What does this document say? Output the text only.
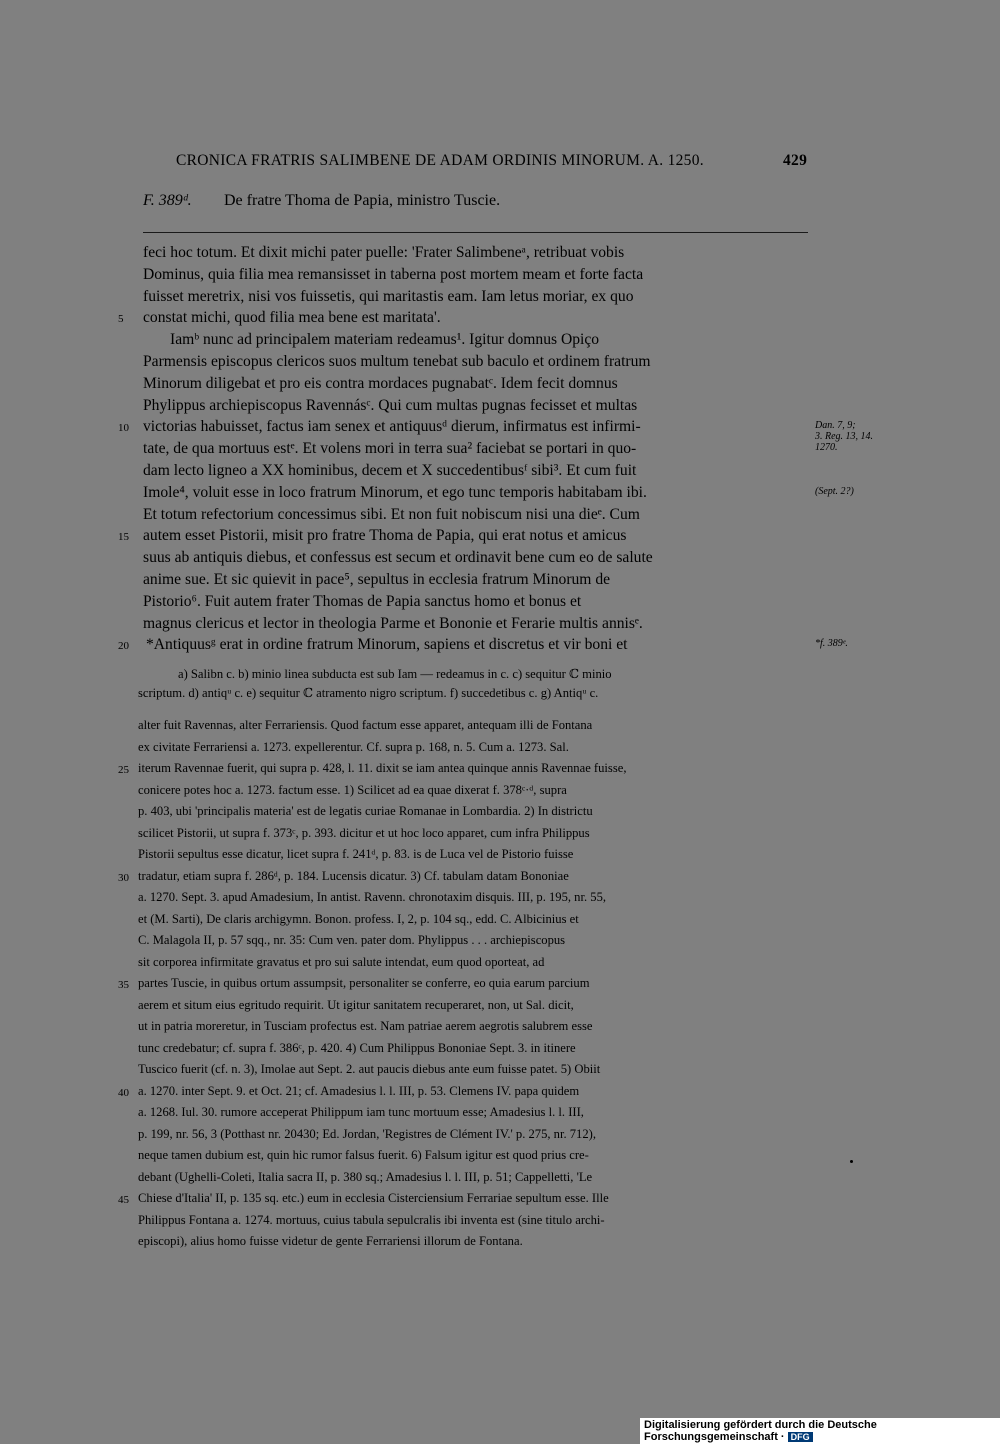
CRONICA FRATRIS SALIMBENE DE ADAM ORDINIS MINORUM. A. 1250.	429
F. 389ᵈ. De fratre Thoma de Papia, ministro Tuscie.
feci hoc totum. Et dixit michi pater puelle: 'Frater Salimbeneᵃ, retribuat vobis
Dominus, quia filia mea remansisset in taberna post mortem meam et forte facta
fuisset meretrix, nisi vos fuissetis, qui maritastis eam. Iam letus moriar, ex quo
constat michi, quod filia mea bene est maritata'.
Iamᵇ nunc ad principalem materiam redeamus¹. Igitur domnus Opiço
Parmensis episcopus clericos suos multum tenebat sub baculo et ordinem fratrum
Minorum diligebat et pro eis contra mordaces pugnabatᶜ. Idem fecit domnus
Phylippus archiepiscopus Ravennásᶜ. Qui cum multas pugnas fecisset et multas
victorias habuisset, factus iam senex et antiquusᵈ dierum, infirmatus est infirmi-
tate, de qua mortuus estᵉ. Et volens mori in terra sua² faciebat se portari in quo-
dam lecto ligneo a XX hominibus, decem et X succedentibusᶠ sibi³. Et cum fuit
Imole⁴, voluit esse in loco fratrum Minorum, et ego tunc temporis habitabam ibi.
Et totum refectorium concessimus sibi. Et non fuit nobiscum nisi una dieᵉ. Cum
autem esset Pistorii, misit pro fratre Thoma de Papia, qui erat notus et amicus
suus ab antiquis diebus, et confessus est secum et ordinavit bene cum eo de salute
anime sue. Et sic quievit in pace⁵, sepultus in ecclesia fratrum Minorum de
Pistorio⁶. Fuit autem frater Thomas de Papia sanctus homo et bonus et
magnus clericus et lector in theologia Parme et Bononie et Ferarie multis annisᵉ.
*Antiquusᵍ erat in ordine fratrum Minorum, sapiens et discretus et vir boni et
5
10
15
20
Dan. 7, 9;
3. Reg. 13, 14.
1270.
(Sept. 2?)
*f. 389ᵉ.
a) Salibn c. b) minio linea subducta est sub Iam — redeamus in c. c) sequitur ℂ minio
scriptum. d) antiqᵘ c. e) sequitur ℂ atramento nigro scriptum. f) succedetibus c. g) Antiqᵘ c.
alter fuit Ravennas, alter Ferrariensis. Quod factum esse apparet, antequam illi de Fontana
ex civitate Ferrariensi a. 1273. expellerentur. Cf. supra p. 168, n. 5. Cum a. 1273. Sal.
iterum Ravennae fuerit, qui supra p. 428, l. 11. dixit se iam antea quinque annis Ravennae fuisse,
conicere potes hoc a. 1273. factum esse. 1) Scilicet ad ea quae dixerat f. 378ᶜ·ᵈ, supra
p. 403, ubi 'principalis materia' est de legatis curiae Romanae in Lombardia. 2) In districtu
scilicet Pistorii, ut supra f. 373ᶜ, p. 393. dicitur et ut hoc loco apparet, cum infra Philippus
Pistorii sepultus esse dicatur, licet supra f. 241ᵈ, p. 83. is de Luca vel de Pistorio fuisse
tradatur, etiam supra f. 286ᵈ, p. 184. Lucensis dicatur. 3) Cf. tabulam datam Bononiae
a. 1270. Sept. 3. apud Amadesium, In antist. Ravenn. chronotaxim disquis. III, p. 195, nr. 55,
et (M. Sarti), De claris archigymn. Bonon. profess. I, 2, p. 104 sq., edd. C. Albicinius et
C. Malagola II, p. 57 sqq., nr. 35: Cum ven. pater dom. Phylippus . . . archiepiscopus
sit corporea infirmitate gravatus et pro sui salute intendat, eum quod oporteat, ad
partes Tuscie, in quibus ortum assumpsit, personaliter se conferre, eo quia earum parcium
aerem et situm eius egritudo requirit. Ut igitur sanitatem recuperaret, non, ut Sal. dicit,
ut in patria moreretur, in Tusciam profectus est. Nam patriae aerem aegrotis salubrem esse
tunc credebatur; cf. supra f. 386ᶜ, p. 420. 4) Cum Philippus Bononiae Sept. 3. in itinere
Tuscico fuerit (cf. n. 3), Imolae aut Sept. 2. aut paucis diebus ante eum fuisse patet. 5) Obiit
a. 1270. inter Sept. 9. et Oct. 21; cf. Amadesius l. l. III, p. 53. Clemens IV. papa quidem
a. 1268. Iul. 30. rumore acceperat Philippum iam tunc mortuum esse; Amadesius l. l. III,
p. 199, nr. 56, 3 (Potthast nr. 20430; Ed. Jordan, 'Registres de Clément IV.' p. 275, nr. 712),
neque tamen dubium est, quin hic rumor falsus fuerit. 6) Falsum igitur est quod prius cre-
debant (Ughelli-Coleti, Italia sacra II, p. 380 sq.; Amadesius l. l. III, p. 51; Cappelletti, 'Le
Chiese d'Italia' II, p. 135 sq. etc.) eum in ecclesia Cisterciensium Ferrariae sepultum esse. Ille
Philippus Fontana a. 1274. mortuus, cuius tabula sepulcralis ibi inventa est (sine titulo archi-
episcopi), alius homo fuisse videtur de gente Ferrariensi illorum de Fontana.
25
30
35
40
45
Digitalisierung gefördert durch die Deutsche Forschungsgemeinschaft · DFG
